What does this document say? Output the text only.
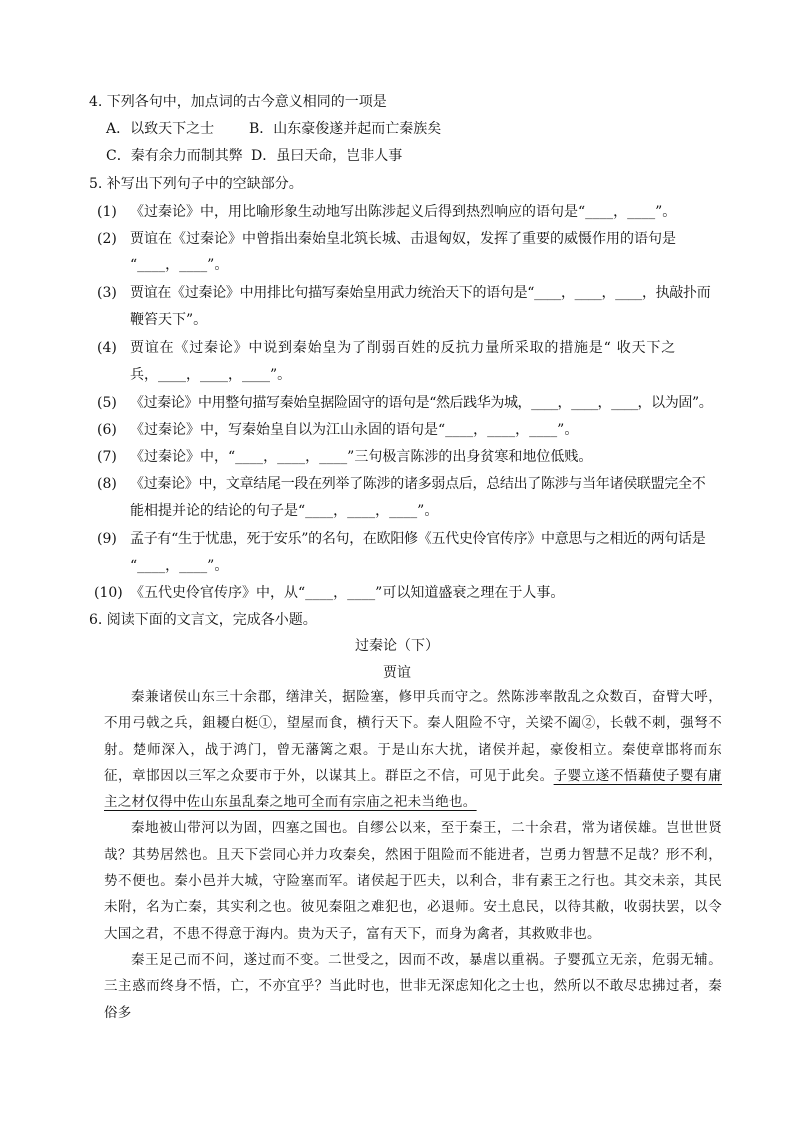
4. 下列各句中，加点词的古今意义相同的一项是
A．以致天下之士 B．山东豪俊遂并起而亡秦族矣
C．秦有余力而制其弊 D．虽曰天命，岂非人事
5. 补写出下列句子中的空缺部分。
(1) 《过秦论》中，用比喻形象生动地写出陈涉起义后得到热烈响应的语句是“____，____”。
(2) 贾谊在《过秦论》中曾指出秦始皇北筑长城、击退匈奴，发挥了重要的威慑作用的语句是
“____，____”。
(3) 贾谊在《过秦论》中用排比句描写秦始皇用武力统治天下的语句是“____，____，____，执敲扑而
鞭笞天下”。
(4) 贾谊在《过秦论》中说到秦始皇为了削弱百姓的反抗力量所采取的措施是“ 收天下之
兵，____，____，____”。
(5) 《过秦论》中用整句描写秦始皇据险固守的语句是“然后践华为城，____，____，____，以为固”。
(6) 《过秦论》中，写秦始皇自以为江山永固的语句是“____，____，____”。
(7) 《过秦论》中，“____，____，____”三句极言陈涉的出身贫寒和地位低贱。
(8) 《过秦论》中，文章结尾一段在列举了陈涉的诸多弱点后，总结出了陈涉与当年诸侯联盟完全不
能相提并论的结论的句子是“____，____，____”。
(9) 孟子有“生于忧患，死于安乐”的名句，在欧阳修《五代史伶官传序》中意思与之相近的两句话是
“____，____”。
(10) 《五代史伶官传序》中，从“____，____”可以知道盛衰之理在于人事。
6. 阅读下面的文言文，完成各小题。
过秦论（下）
贾谊

秦兼诸侯山东三十余郡，缮津关，据险塞，修甲兵而守之。然陈涉率散乱之众数百，奋臂大呼，不用弓戟之兵，鉏耰白梃①，望屋而食，横行天下。秦人阻险不守，关梁不阖②，长戟不刺，强弩不射。楚师深入，战于鸿门，曾无藩篱之艰。于是山东大扰，诸侯并起，豪俊相立。秦使章邯将而东征，章邯因以三军之众要市于外，以谋其上。群臣之不信，可见于此矣。子婴立遂不悟藉使子婴有庸主之材仅得中佐山东虽乱秦之地可全而有宗庙之祀未当绝也。

秦地被山带河以为固，四塞之国也。自缪公以来，至于秦王，二十余君，常为诸侯雄。岂世世贤哉？其势居然也。且天下尝同心并力攻秦矣，然困于阻险而不能进者，岂勇力智慧不足哉？形不利，势不便也。秦小邑并大城，守险塞而军。诸侯起于匹夫，以利合，非有素王之行也。其交未亲，其民未附，名为亡秦，其实利之也。彼见秦阻之难犯也，必退师。安土息民，以待其敝，收弱扶罢，以令大国之君，不患不得意于海内。贵为天子，富有天下，而身为禽者，其救败非也。

秦王足己而不问，遂过而不变。二世受之，因而不改，暴虐以重祸。子婴孤立无亲，危弱无辅。三主惑而终身不悟，亡，不亦宜乎？当此时也，世非无深虑知化之士也，然所以不敢尽忠拂过者，秦俗多
